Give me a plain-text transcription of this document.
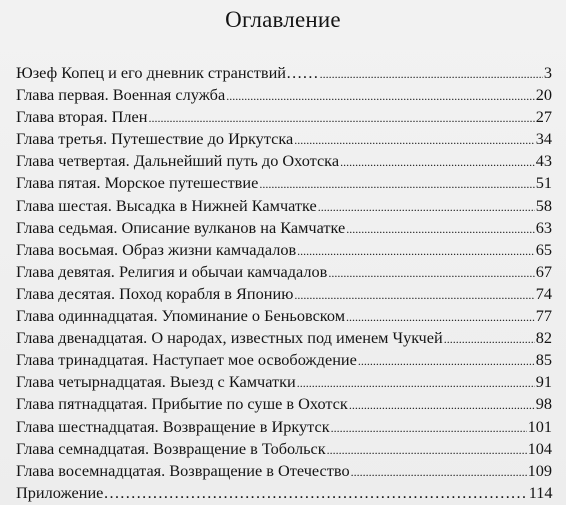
Оглавление
Юзеф Копец и его дневник странствий…… .....	3
Глава первая. Военная служба .....	20
Глава вторая. Плен .....	27
Глава третья. Путешествие до Иркутска .....	34
Глава четвертая. Дальнейший путь до Охотска .....	43
Глава пятая. Морское путешествие .....	51
Глава шестая. Высадка в Нижней Камчатке .....	58
Глава седьмая. Описание вулканов на Камчатке .....	63
Глава восьмая. Образ жизни камчадалов .....	65
Глава девятая. Религия и обычаи камчадалов .....	67
Глава десятая. Поход корабля в Японию .....	74
Глава одиннадцатая. Упоминание о Беньовском .....	77
Глава двенадцатая. О народах, известных под именем Чукчей .....	82
Глава тринадцатая. Наступает мое освобождение .....	85
Глава четырнадцатая. Выезд с Камчатки .....	91
Глава пятнадцатая. Прибытие по суше в Охотск .....	98
Глава шестнадцатая. Возвращение в Иркутск .....	101
Глава семнадцатая. Возвращение в Тобольск .....	104
Глава восемнадцатая. Возвращение в Отечество .....	109
Приложение…………………………………………………………………… 114
